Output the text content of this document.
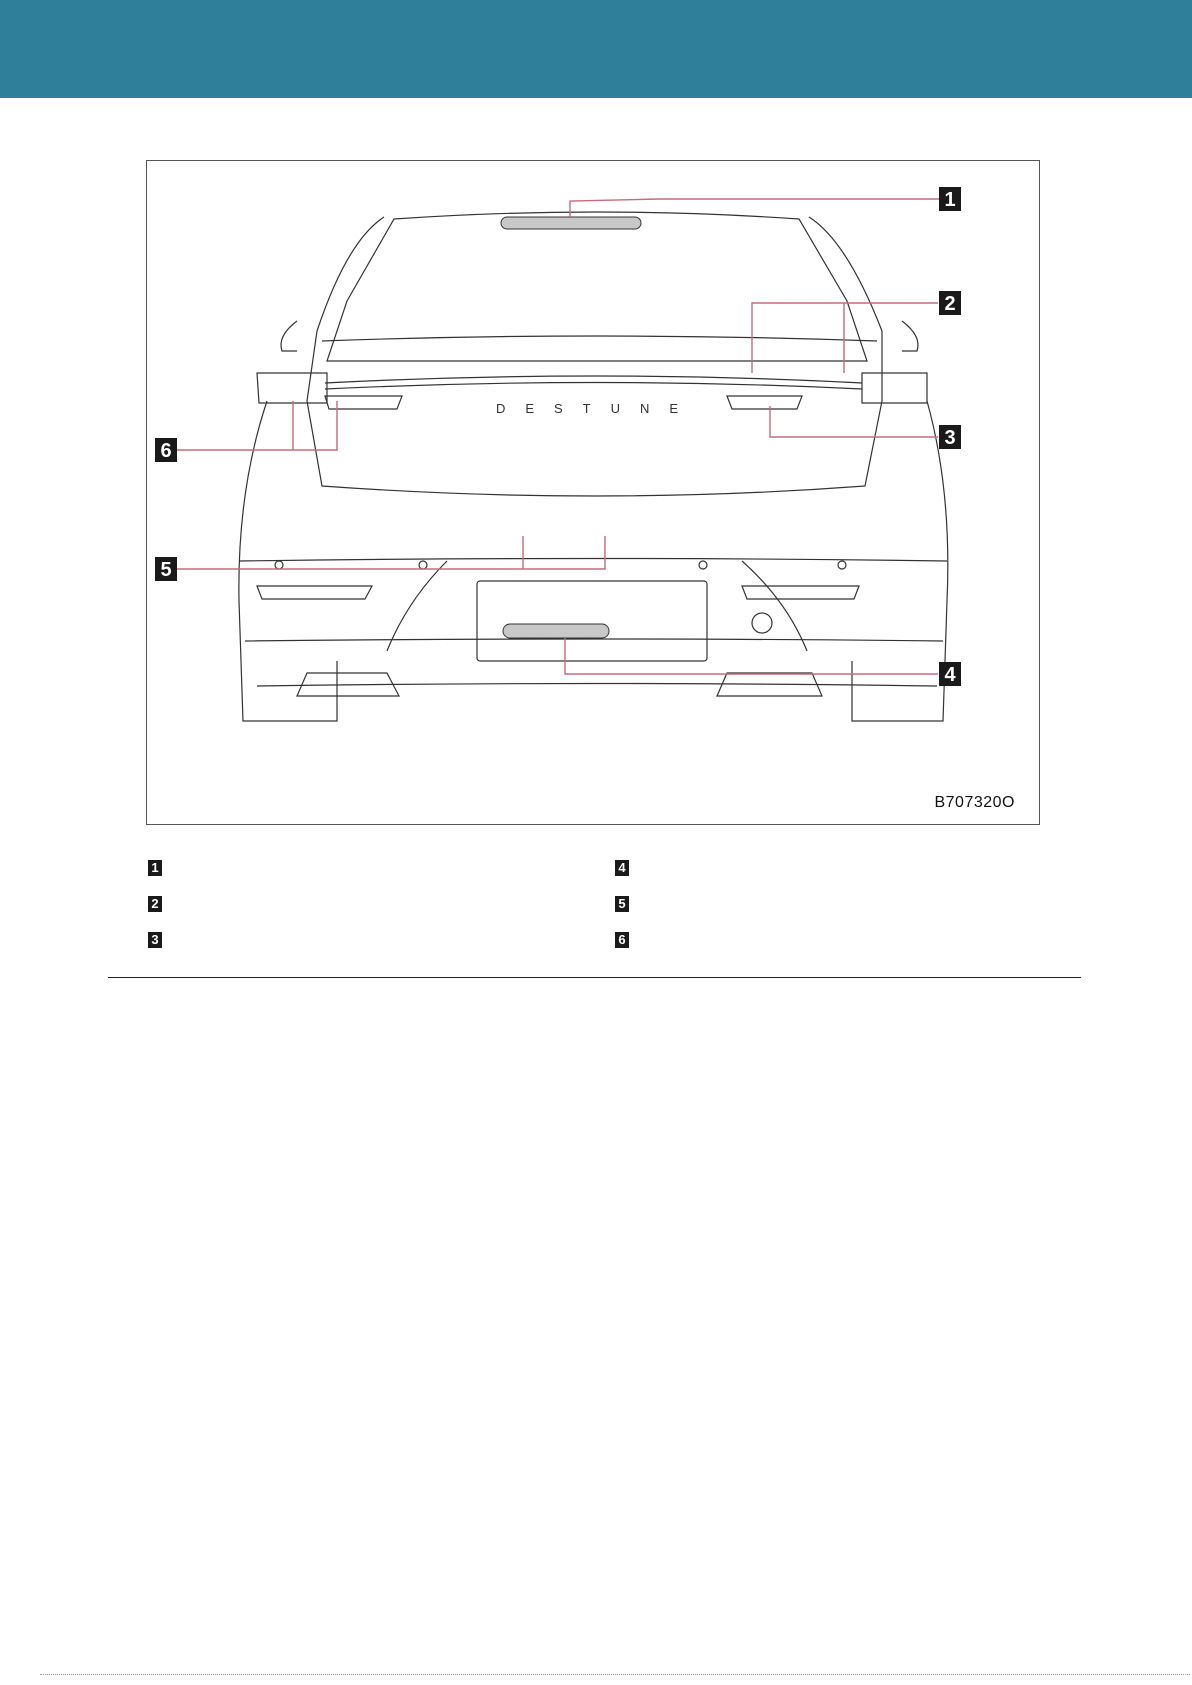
DESTUNE
1
2
3
4
5
6
B707320O
1
2
3
4
5
6
